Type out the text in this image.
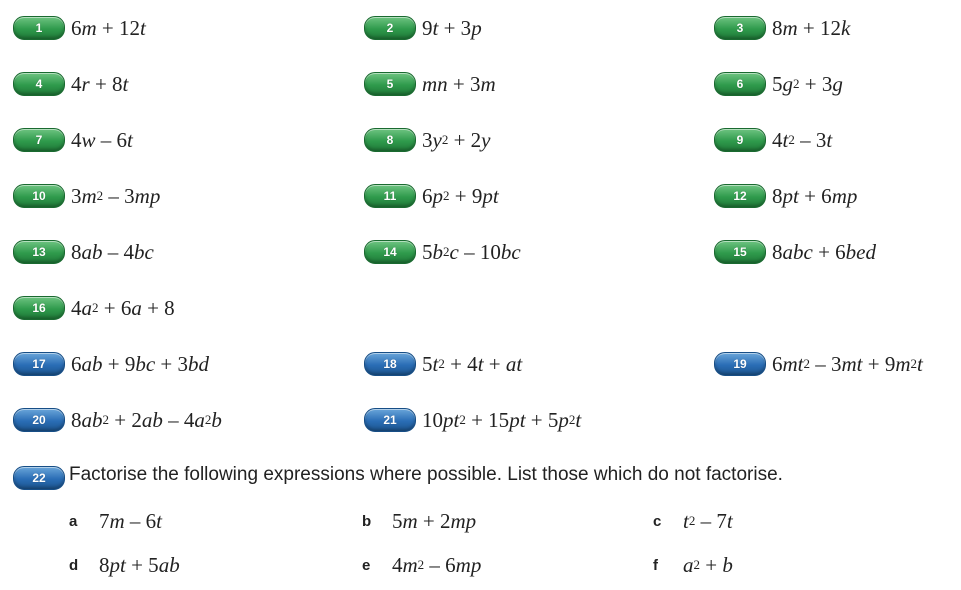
1	6m + 12t	2	9t + 3p	3	8m + 12k
4	4r + 8t	5	mn + 3m	6	$5g^2 + 3g$
7	4w – 6t	8	$3y^2 + 2y$	9	$4t^2 - 3t$
10	$3m^2 - 3mp$	11	$6p^2 + 9pt$	12	8pt + 6mp
13	8ab – 4bc	14	$5b^2c - 10bc$	15	8abc + 6bed
16	$4a^2 + 6a + 8$
17	6ab + 9bc + 3bd	18	$5t^2 + 4t$ + at	19	$6mt^2 - 3mt + 9m^2t$
20	$8ab^2 + 2ab - 4a^2b$	21	$10pt^2 + 15pt + 5p^2t$
22	Factorise the following expressions where possible. List those which do not factorise.
a	7m – 6t	b 5m + 2mp	c	$t^2 - 7t$
d 8pt + 5ab	e	$4m^2 - 6mp$	f	$a^2 + b$
